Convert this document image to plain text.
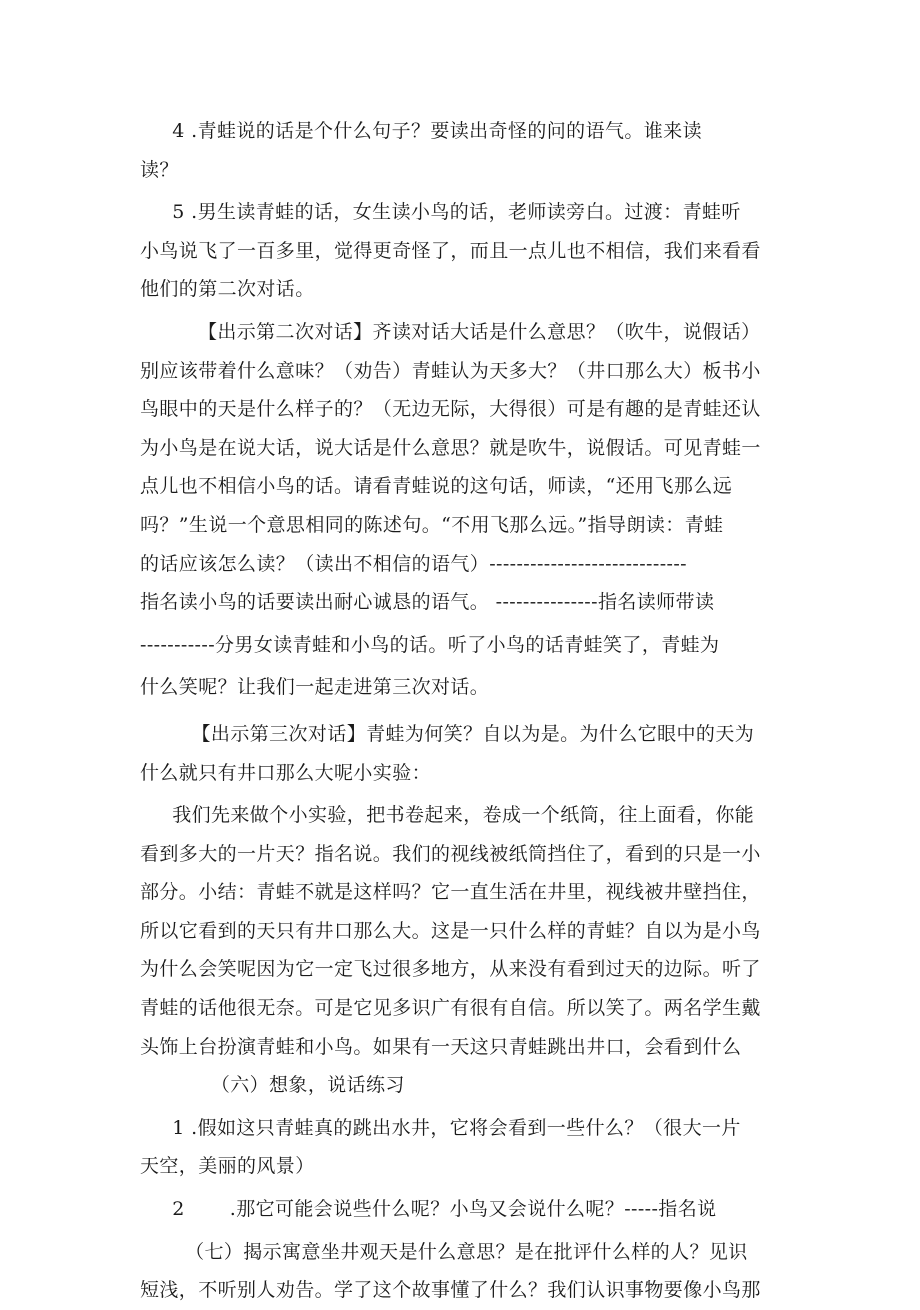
4 .青蛙说的话是个什么句子？要读出奇怪的问的语气。谁来读
读？
5 .男生读青蛙的话，女生读小鸟的话，老师读旁白。过渡：青蛙听
小鸟说飞了一百多里，觉得更奇怪了，而且一点儿也不相信，我们来看看
他们的第二次对话。
【出示第二次对话】齐读对话大话是什么意思？（吹牛，说假话）
别应该带着什么意味？（劝告）青蛙认为天多大？（井口那么大）板书小
鸟眼中的天是什么样子的？（无边无际，大得很）可是有趣的是青蛙还认
为小鸟是在说大话，说大话是什么意思？就是吹牛，说假话。可见青蛙一
点儿也不相信小鸟的话。请看青蛙说的这句话，师读，“还用飞那么远
吗？”生说一个意思相同的陈述句。“不用飞那么远。”指导朗读：青蛙
的话应该怎么读？（读出不相信的语气）-----------------------------
指名读小鸟的话要读出耐心诚恳的语气。 ---------------指名读师带读
-----------分男女读青蛙和小鸟的话。听了小鸟的话青蛙笑了，青蛙为
什么笑呢？让我们一起走进第三次对话。
【出示第三次对话】青蛙为何笑？自以为是。为什么它眼中的天为
什么就只有井口那么大呢小实验：
我们先来做个小实验，把书卷起来，卷成一个纸筒，往上面看，你能
看到多大的一片天？指名说。我们的视线被纸筒挡住了，看到的只是一小
部分。小结：青蛙不就是这样吗？它一直生活在井里，视线被井壁挡住，
所以它看到的天只有井口那么大。这是一只什么样的青蛙？自以为是小鸟
为什么会笑呢因为它一定飞过很多地方，从来没有看到过天的边际。听了
青蛙的话他很无奈。可是它见多识广有很有自信。所以笑了。两名学生戴
头饰上台扮演青蛙和小鸟。如果有一天这只青蛙跳出井口，会看到什么
（六）想象，说话练习
1 .假如这只青蛙真的跳出水井，它将会看到一些什么？（很大一片
天空，美丽的风景）
2       .那它可能会说些什么呢？小鸟又会说什么呢？-----指名说
（七）揭示寓意坐井观天是什么意思？是在批评什么样的人？见识
短浅，不听别人劝告。学了这个故事懂了什么？我们认识事物要像小鸟那
